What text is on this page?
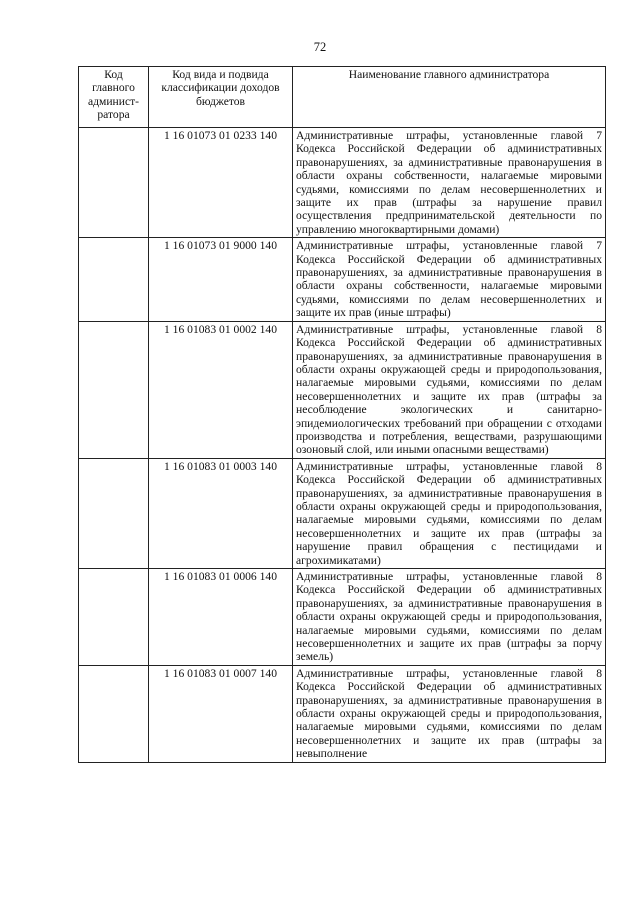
72
Код главного админист-ратора	Код вида и подвида классификации доходов бюджетов	Наименование главного администратора
	1 16 01073 01 0233 140	Административные штрафы, установленные главой 7 Кодекса Российской Федерации об административных правонарушениях, за административные правонарушения в области охраны собственности, налагаемые мировыми судьями, комиссиями по делам несовершеннолетних и защите их прав (штрафы за нарушение правил осуществления предпринимательской деятельности по управлению многоквартирными домами)
	1 16 01073 01 9000 140	Административные штрафы, установленные главой 7 Кодекса Российской Федерации об административных правонарушениях, за административные правонарушения в области охраны собственности, налагаемые мировыми судьями, комиссиями по делам несовершеннолетних и защите их прав (иные штрафы)
	1 16 01083 01 0002 140	Административные штрафы, установленные главой 8 Кодекса Российской Федерации об административных правонарушениях, за административные правонарушения в области охраны окружающей среды и природопользования, налагаемые мировыми судьями, комиссиями по делам несовершеннолетних и защите их прав (штрафы за несоблюдение экологических и санитарно-эпидемиологических требований при обращении с отходами производства и потребления, веществами, разрушающими озоновый слой, или иными опасными веществами)
	1 16 01083 01 0003 140	Административные штрафы, установленные главой 8 Кодекса Российской Федерации об административных правонарушениях, за административные правонарушения в области охраны окружающей среды и природопользования, налагаемые мировыми судьями, комиссиями по делам несовершеннолетних и защите их прав (штрафы за нарушение правил обращения с пестицидами и агрохимикатами)
	1 16 01083 01 0006 140	Административные штрафы, установленные главой 8 Кодекса Российской Федерации об административных правонарушениях, за административные правонарушения в области охраны окружающей среды и природопользования, налагаемые мировыми судьями, комиссиями по делам несовершеннолетних и защите их прав (штрафы за порчу земель)
	1 16 01083 01 0007 140	Административные штрафы, установленные главой 8 Кодекса Российской Федерации об административных правонарушениях, за административные правонарушения в области охраны окружающей среды и природопользования, налагаемые мировыми судьями, комиссиями по делам несовершеннолетних и защите их прав (штрафы за невыполнение
